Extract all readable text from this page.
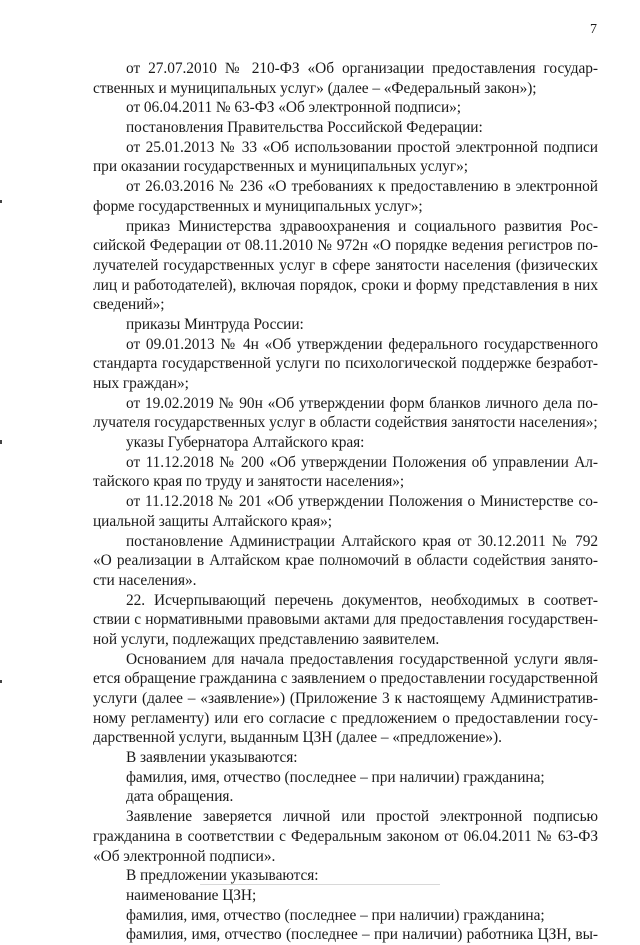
7
от 27.07.2010 № 210-ФЗ «Об организации предоставления государ-
ственных и муниципальных услуг» (далее – «Федеральный закон»);
от 06.04.2011 № 63-ФЗ «Об электронной подписи»;
постановления Правительства Российской Федерации:
от 25.01.2013 № 33 «Об использовании простой электронной подписи
при оказании государственных и муниципальных услуг»;
от 26.03.2016 № 236 «О требованиях к предоставлению в электронной
форме государственных и муниципальных услуг»;
приказ Министерства здравоохранения и социального развития Рос-
сийской Федерации от 08.11.2010 № 972н «О порядке ведения регистров по-
лучателей государственных услуг в сфере занятости населения (физических
лиц и работодателей), включая порядок, сроки и форму представления в них
сведений»;
приказы Минтруда России:
от 09.01.2013 № 4н «Об утверждении федерального государственного
стандарта государственной услуги по психологической поддержке безработ-
ных граждан»;
от 19.02.2019 № 90н «Об утверждении форм бланков личного дела по-
лучателя государственных услуг в области содействия занятости населения»;
указы Губернатора Алтайского края:
от 11.12.2018 № 200 «Об утверждении Положения об управлении Ал-
тайского края по труду и занятости населения»;
от 11.12.2018 № 201 «Об утверждении Положения о Министерстве со-
циальной защиты Алтайского края»;
постановление Администрации Алтайского края от 30.12.2011 № 792
«О реализации в Алтайском крае полномочий в области содействия занято-
сти населения».
22. Исчерпывающий перечень документов, необходимых в соответ-
ствии с нормативными правовыми актами для предоставления государствен-
ной услуги, подлежащих представлению заявителем.
Основанием для начала предоставления государственной услуги явля-
ется обращение гражданина с заявлением о предоставлении государственной
услуги (далее – «заявление») (Приложение 3 к настоящему Административ-
ному регламенту) или его согласие с предложением о предоставлении госу-
дарственной услуги, выданным ЦЗН (далее – «предложение»).
В заявлении указываются:
фамилия, имя, отчество (последнее – при наличии) гражданина;
дата обращения.
Заявление заверяется личной или простой электронной подписью
гражданина в соответствии с Федеральным законом от 06.04.2011 № 63-ФЗ
«Об электронной подписи».
В предложении указываются:
наименование ЦЗН;
фамилия, имя, отчество (последнее – при наличии) гражданина;
фамилия, имя, отчество (последнее – при наличии) работника ЦЗН, вы-
